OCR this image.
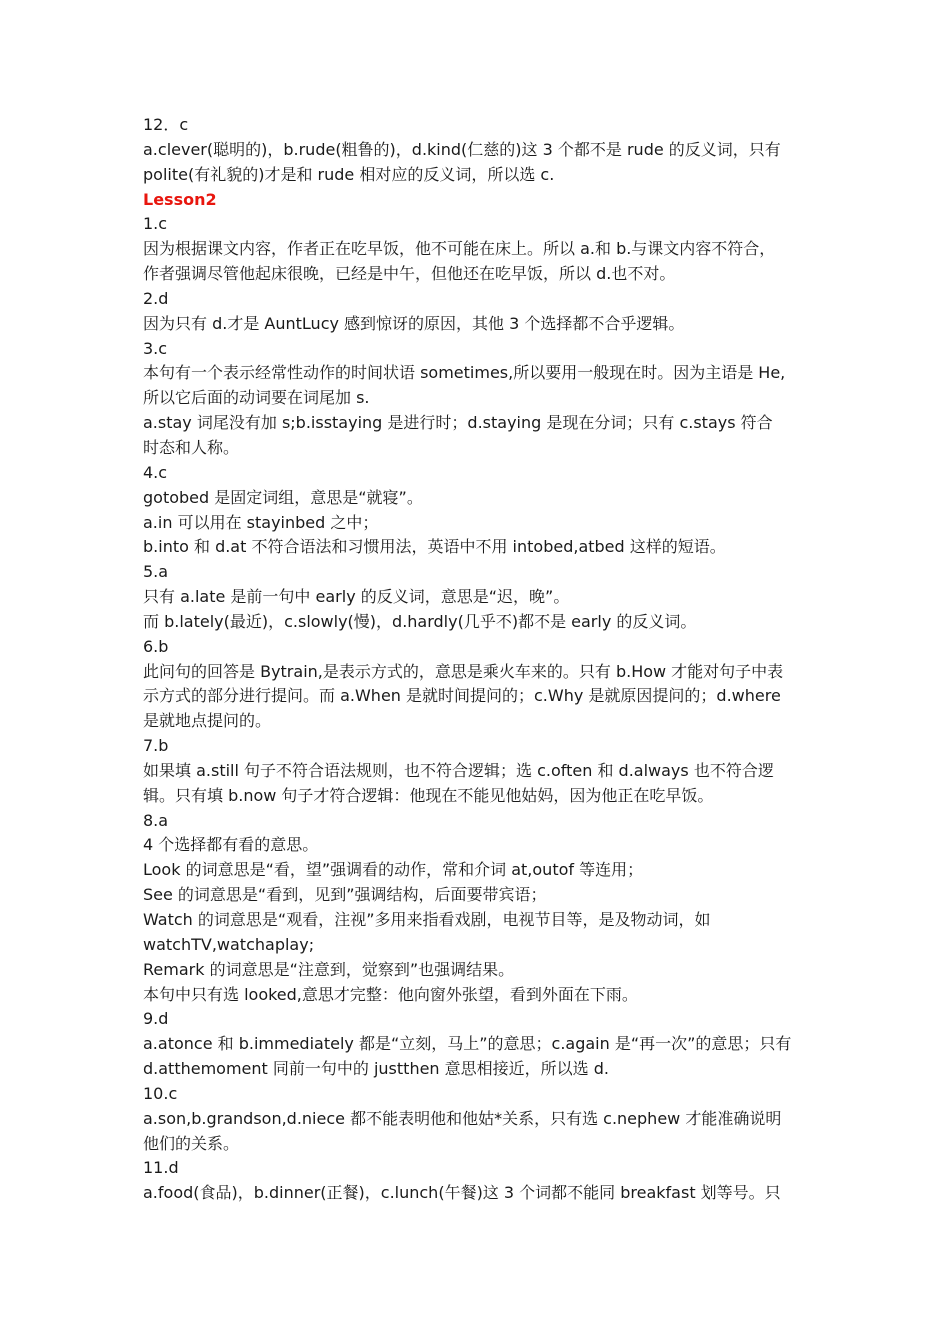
12．c
a.clever(聪明的)，b.rude(粗鲁的)，d.kind(仁慈的)这 3 个都不是 rude 的反义词，只有
polite(有礼貌的)才是和 rude 相对应的反义词，所以选 c.
Lesson2
1.c
因为根据课文内容，作者正在吃早饭，他不可能在床上。所以 a.和 b.与课文内容不符合，
作者强调尽管他起床很晚，已经是中午，但他还在吃早饭，所以 d.也不对。
2.d
因为只有 d.才是 AuntLucy 感到惊讶的原因，其他 3 个选择都不合乎逻辑。
3.c
本句有一个表示经常性动作的时间状语 sometimes,所以要用一般现在时。因为主语是 He,
所以它后面的动词要在词尾加 s.
a.stay 词尾没有加 s;b.isstaying 是进行时；d.staying 是现在分词；只有 c.stays 符合
时态和人称。
4.c
gotobed 是固定词组，意思是“就寝”。
a.in 可以用在 stayinbed 之中；
b.into 和 d.at 不符合语法和习惯用法，英语中不用 intobed,atbed 这样的短语。
5.a
只有 a.late 是前一句中 early 的反义词，意思是“迟，晚”。
而 b.lately(最近)，c.slowly(慢)，d.hardly(几乎不)都不是 early 的反义词。
6.b
此问句的回答是 Bytrain,是表示方式的，意思是乘火车来的。只有 b.How 才能对句子中表
示方式的部分进行提问。而 a.When 是就时间提问的；c.Why 是就原因提问的；d.where
是就地点提问的。
7.b
如果填 a.still 句子不符合语法规则，也不符合逻辑；选 c.often 和 d.always 也不符合逻
辑。只有填 b.now 句子才符合逻辑：他现在不能见他姑妈，因为他正在吃早饭。
8.a
4 个选择都有看的意思。
Look 的词意思是“看，望”强调看的动作，常和介词 at,outof 等连用；
See 的词意思是“看到，见到”强调结构，后面要带宾语；
Watch 的词意思是“观看，注视”多用来指看戏剧，电视节目等，是及物动词，如
watchTV,watchaplay;
Remark 的词意思是“注意到，觉察到”也强调结果。
本句中只有选 looked,意思才完整：他向窗外张望，看到外面在下雨。
9.d
a.atonce 和 b.immediately 都是“立刻，马上”的意思；c.again 是“再一次”的意思；只有
d.atthemoment 同前一句中的 justthen 意思相接近，所以选 d.
10.c
a.son,b.grandson,d.niece 都不能表明他和他姑*关系，只有选 c.nephew 才能准确说明
他们的关系。
11.d
a.food(食品)，b.dinner(正餐)，c.lunch(午餐)这 3 个词都不能同 breakfast 划等号。只
